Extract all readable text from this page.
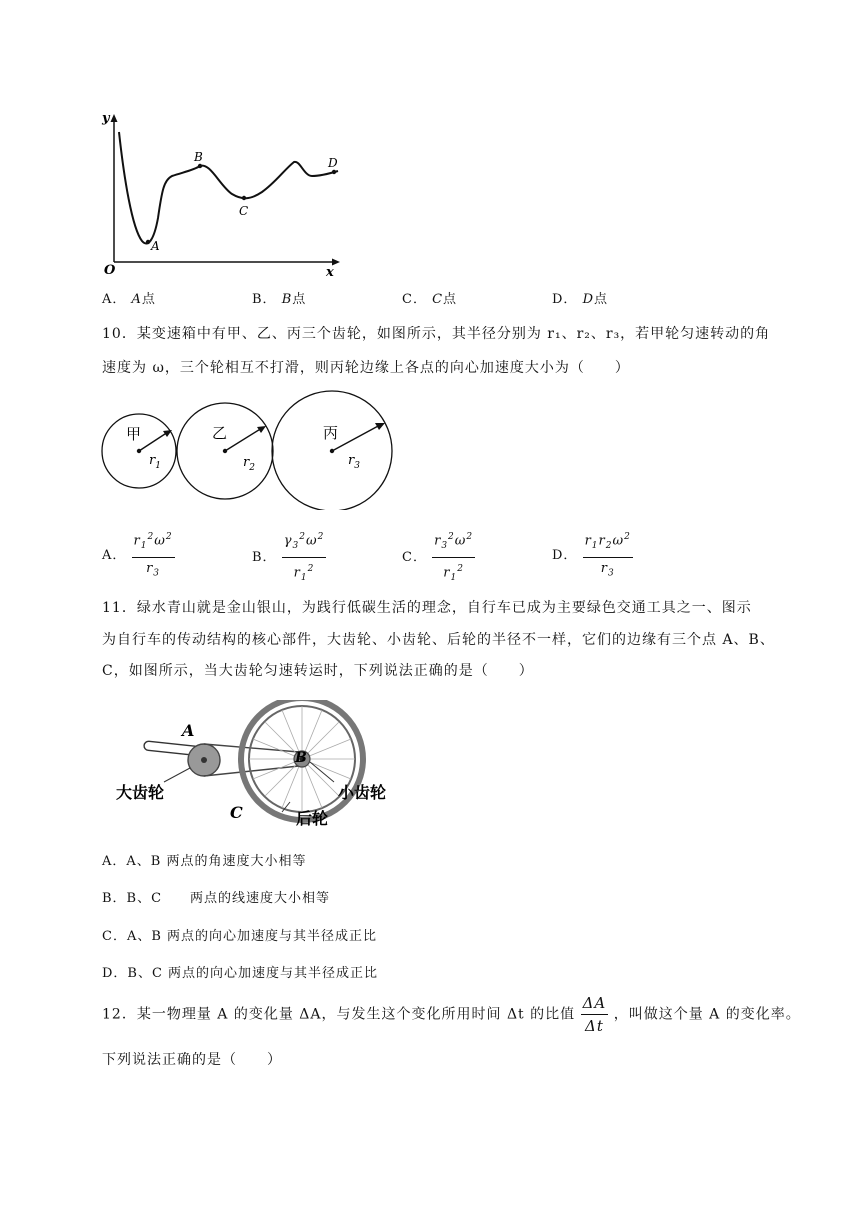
y
x
O
A
B
C
D
A． A点	B． B点	C． C点	D． D点
10．某变速箱中有甲、乙、丙三个齿轮，如图所示，其半径分别为 r₁、r₂、r₃，若甲轮匀速转动的角
速度为 ω，三个轮相互不打滑，则丙轮边缘上各点的向心加速度大小为（　　）
甲	乙	丙
$r_1$	$r_2$	$r_3$
A． $\frac{r_1^2\omega^2}{r_3}$	B． $\frac{\gamma_3^2\omega^2}{r_1^2}$	C． $\frac{r_3^2\omega^2}{r_1^2}$	D． $\frac{r_1r_2\omega^2}{r_3}$
11．绿水青山就是金山银山，为践行低碳生活的理念，自行车已成为主要绿色交通工具之一、图示
为自行车的传动结构的核心部件，大齿轮、小齿轮、后轮的半径不一样，它们的边缘有三个点 A、B、
C，如图所示，当大齿轮匀速转运时，下列说法正确的是（　　）
A
B
C
大齿轮	小齿轮
后轮
A．A、B 两点的角速度大小相等
B．B、C　　两点的线速度大小相等
C．A、B 两点的向心加速度与其半径成正比
D．B、C 两点的向心加速度与其半径成正比
12．某一物理量 A 的变化量 ΔA，与发生这个变化所用时间 Δt 的比值 $\frac{\Delta A}{\Delta t}$ ，叫做这个量 A 的变化率。
下列说法正确的是（　　）
